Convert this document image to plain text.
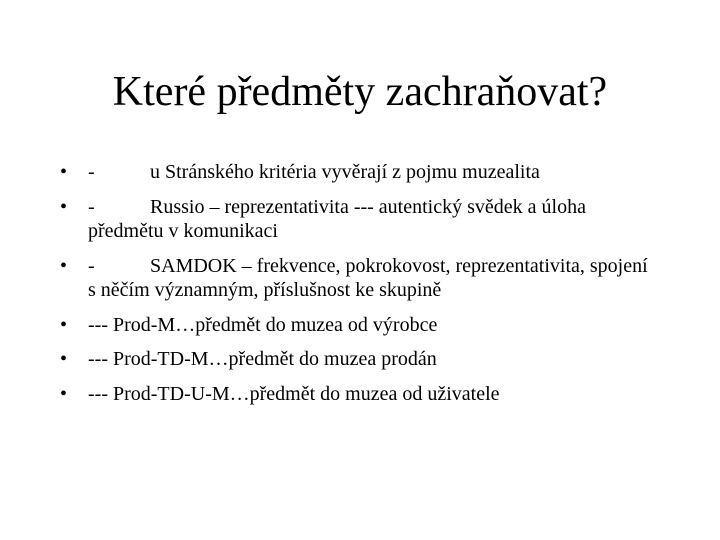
Které předměty zachraňovat?
•	-	u Stránského kritéria vyvěrají z pojmu muzealita
•	-	Russio – reprezentativita --- autentický svědek a úloha předmětu v komunikaci
•	-	SAMDOK – frekvence, pokrokovost, reprezentativita, spojení s něčím významným, příslušnost ke skupině
•	--- Prod-M…předmět do muzea od výrobce
•	--- Prod-TD-M…předmět do muzea prodán
•	--- Prod-TD-U-M…předmět do muzea od uživatele
